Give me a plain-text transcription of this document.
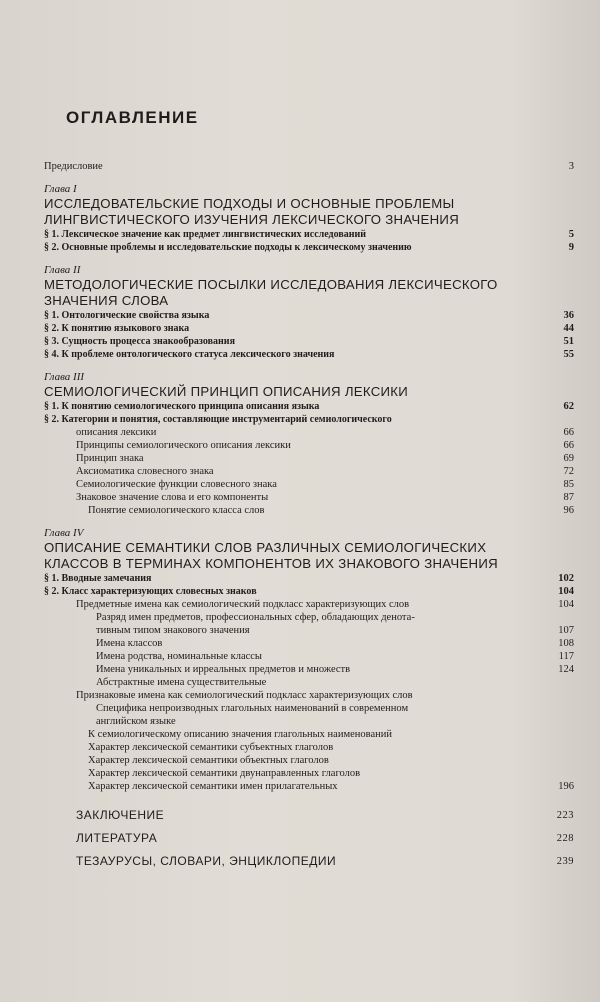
ОГЛАВЛЕНИЕ
Предисловие	3
Глава I
ИССЛЕДОВАТЕЛЬСКИЕ ПОДХОДЫ И ОСНОВНЫЕ ПРОБЛЕМЫ
ЛИНГВИСТИЧЕСКОГО ИЗУЧЕНИЯ ЛЕКСИЧЕСКОГО ЗНАЧЕНИЯ
§ 1. Лексическое значение как предмет лингвистических исследований	5
§ 2. Основные проблемы и исследовательские подходы к лексическому значению	9
Глава II
МЕТОДОЛОГИЧЕСКИЕ ПОСЫЛКИ ИССЛЕДОВАНИЯ ЛЕКСИЧЕСКОГО
ЗНАЧЕНИЯ СЛОВА
§ 1. Онтологические свойства языка	36
§ 2. К понятию языкового знака	44
§ 3. Сущность процесса знакообразования	51
§ 4. К проблеме онтологического статуса лексического значения	55
Глава III
СЕМИОЛОГИЧЕСКИЙ ПРИНЦИП ОПИСАНИЯ ЛЕКСИКИ
§ 1. К понятию семиологического принципа описания языка	62
§ 2. Категории и понятия, составляющие инструментарий семиологического
описания лексики	66
Принципы семиологического описания лексики	66
Принцип знака	69
Аксиоматика словесного знака	72
Семиологические функции словесного знака	85
Знаковое значение слова и его компоненты	87
Понятие семиологического класса слов	96
Глава IV
ОПИСАНИЕ СЕМАНТИКИ СЛОВ РАЗЛИЧНЫХ СЕМИОЛОГИЧЕСКИХ
КЛАССОВ В ТЕРМИНАХ КОМПОНЕНТОВ ИХ ЗНАКОВОГО ЗНАЧЕНИЯ
§ 1. Вводные замечания	102
§ 2. Класс характеризующих словесных знаков	104
Предметные имена как семиологический подкласс характеризующих слов	104
Разряд имен предметов, профессиональных сфер, обладающих денота-
тивным типом знакового значения	107
Имена классов	108
Имена родства, номинальные классы	117
Имена уникальных и ирреальных предметов и множеств	124
Абстрактные имена существительные
Признаковые имена как семиологический подкласс характеризующих слов
Специфика непроизводных глагольных наименований в современном
английском языке
К семиологическому описанию значения глагольных наименований
Характер лексической семантики субъектных глаголов
Характер лексической семантики объектных глаголов
Характер лексической семантики двунаправленных глаголов
Характер лексической семантики имен прилагательных	196
ЗАКЛЮЧЕНИЕ	223
ЛИТЕРАТУРА	228
ТЕЗАУРУСЫ, СЛОВАРИ, ЭНЦИКЛОПЕДИИ	239
